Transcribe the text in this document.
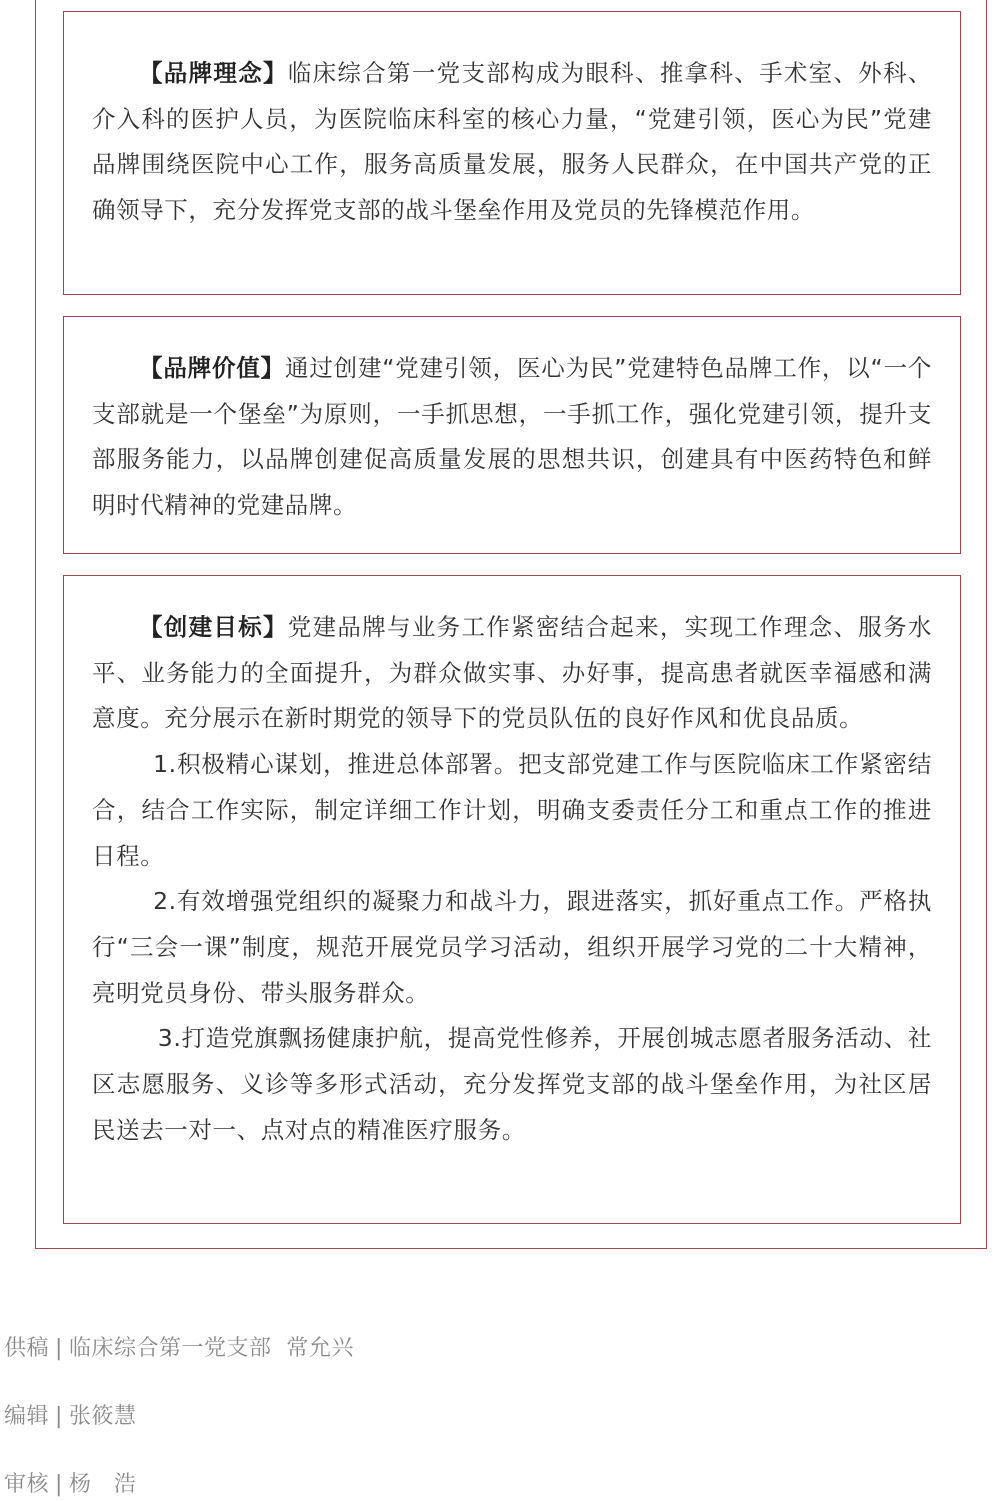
【品牌理念】临床综合第一党支部构成为眼科、推拿科、手术室、外科、介入科的医护人员，为医院临床科室的核心力量，“党建引领，医心为民”党建品牌围绕医院中心工作，服务高质量发展，服务人民群众，在中国共产党的正确领导下，充分发挥党支部的战斗堡垒作用及党员的先锋模范作用。

【品牌价值】通过创建“党建引领，医心为民”党建特色品牌工作，以“一个支部就是一个堡垒”为原则，一手抓思想，一手抓工作，强化党建引领，提升支部服务能力，以品牌创建促高质量发展的思想共识，创建具有中医药特色和鲜明时代精神的党建品牌。

【创建目标】党建品牌与业务工作紧密结合起来，实现工作理念、服务水平、业务能力的全面提升，为群众做实事、办好事，提高患者就医幸福感和满意度。充分展示在新时期党的领导下的党员队伍的良好作风和优良品质。

1.积极精心谋划，推进总体部署。把支部党建工作与医院临床工作紧密结合，结合工作实际，制定详细工作计划，明确支委责任分工和重点工作的推进日程。

2.有效增强党组织的凝聚力和战斗力，跟进落实，抓好重点工作。严格执行“三会一课”制度，规范开展党员学习活动，组织开展学习党的二十大精神，亮明党员身份、带头服务群众。

3.打造党旗飘扬健康护航，提高党性修养，开展创城志愿者服务活动、社区志愿服务、义诊等多形式活动，充分发挥党支部的战斗堡垒作用，为社区居民送去一对一、点对点的精准医疗服务。

供稿 | 临床综合第一党支部  常允兴
编辑 | 张筱慧
审核 | 杨   浩
